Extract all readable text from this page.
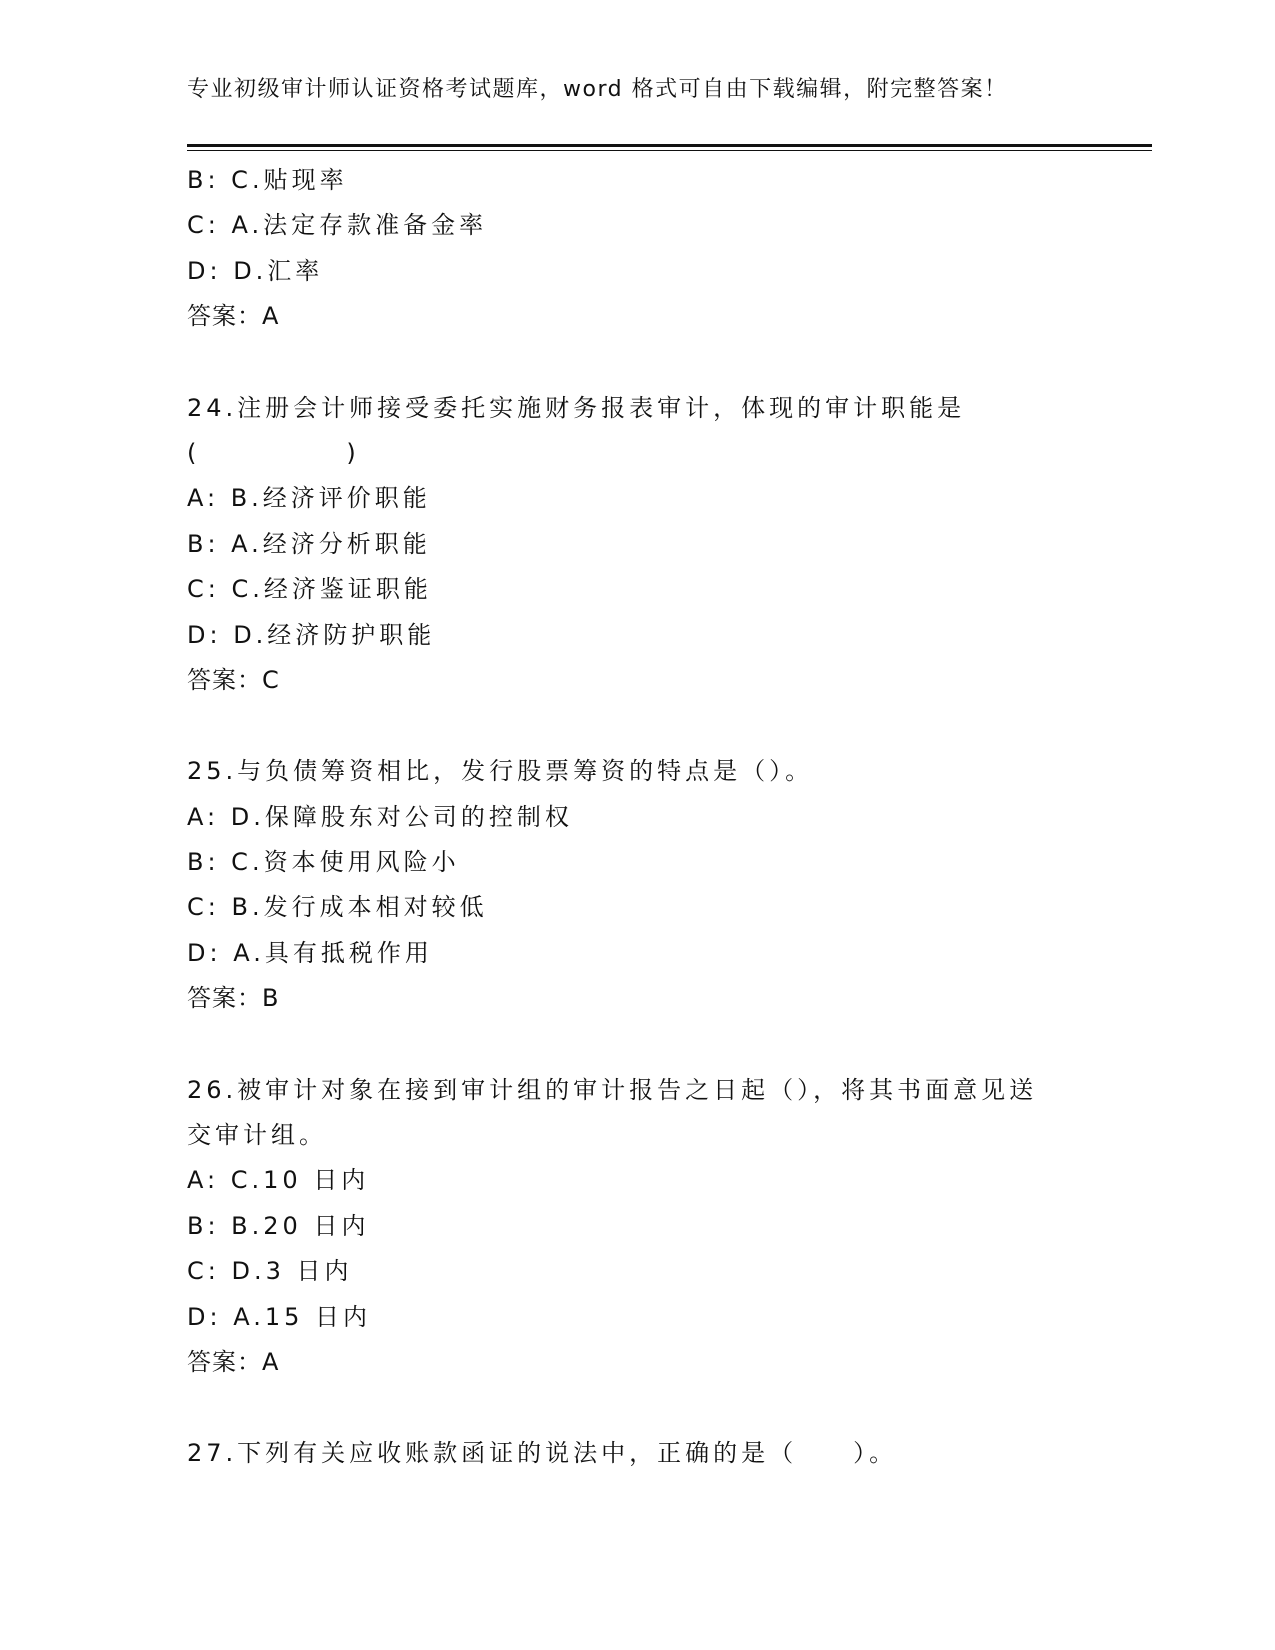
专业初级审计师认证资格考试题库，word 格式可自由下载编辑，附完整答案！
B: C.贴现率
C: A.法定存款准备金率
D: D.汇率
答案：A
24.注册会计师接受委托实施财务报表审计，体现的审计职能是
(	)
A: B.经济评价职能
B: A.经济分析职能
C: C.经济鉴证职能
D: D.经济防护职能
答案：C
25.与负债筹资相比，发行股票筹资的特点是（）。
A: D.保障股东对公司的控制权
B: C.资本使用风险小
C: B.发行成本相对较低
D: A.具有抵税作用
答案：B
26.被审计对象在接到审计组的审计报告之日起（），将其书面意见送
交审计组。
A: C.10 日内
B: B.20 日内
C: D.3 日内
D: A.15 日内
答案：A
27.下列有关应收账款函证的说法中，正确的是（　　）。
